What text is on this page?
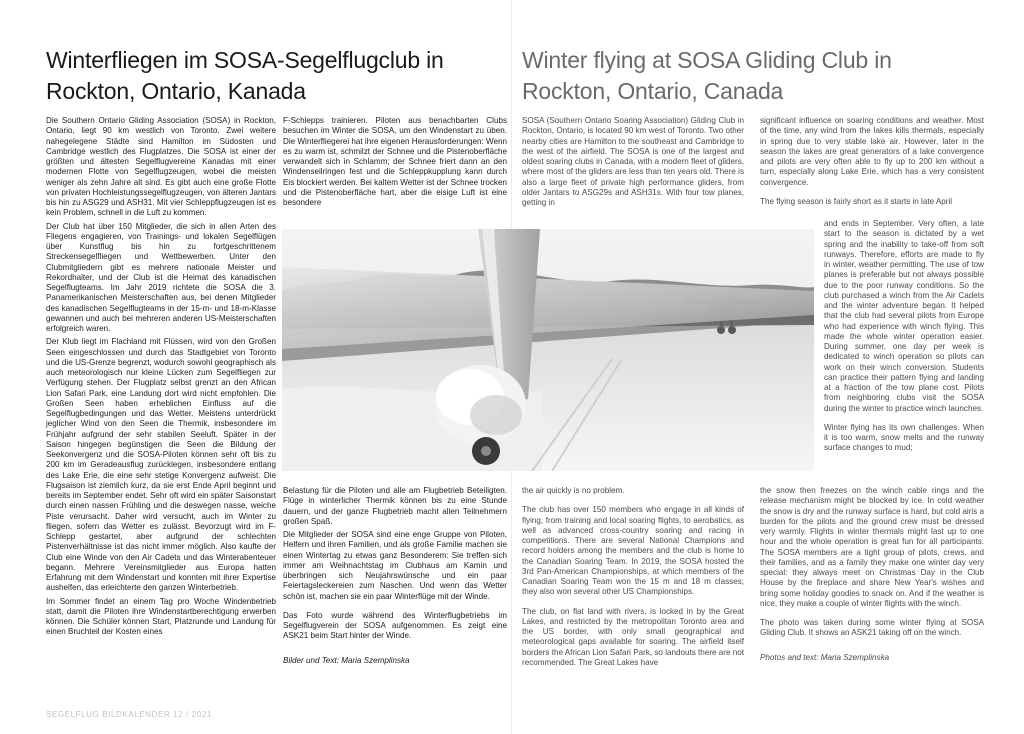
Winterfliegen im SOSA-Segelflugclub in Rockton, Ontario, Kanada
Winter flying at SOSA Gliding Club in Rockton, Ontario, Canada

Die Southern Ontario Gliding Association (SOSA) in Rockton, Ontario, liegt 90 km westlich von Toronto. Zwei weitere nahegelegene Städte sind Hamilton im Südosten und Cambridge westlich des Flugplatzes. Die SOSA ist einer der größten und ältesten Segelflugvereine Kanadas mit einer modernen Flotte von Segelflugzeugen, wobei die meisten weniger als zehn Jahre alt sind. Es gibt auch eine große Flotte von privaten Hochleistungssegelflugzeugen, von älteren Jantars bis hin zu ASG29 und ASH31. Mit vier Schleppflugzeugen ist es kein Problem, schnell in die Luft zu kommen.

Der Club hat über 150 Mitglieder, die sich in allen Arten des Fliegens engagieren, von Trainings- und lokalen Segelflügen über Kunstflug bis hin zu fortgeschrittenem Streckensegelfliegen und Wettbewerben. Unter den Clubmitgliedern gibt es mehrere nationale Meister und Rekordhalter, und der Club ist die Heimat des kanadischen Segelflugteams. Im Jahr 2019 richtete die SOSA die 3. Panamerikanischen Meisterschaften aus, bei denen Mitglieder des kanadischen Segelflugteams in der 15-m- und 18-m-Klasse gewannen und auch bei mehreren anderen US-Meisterschaften erfolgreich waren.

Der Klub liegt im Flachland mit Flüssen, wird von den Großen Seen eingeschlossen und durch das Stadtgebiet von Toronto und die US-Grenze begrenzt, wodurch sowohl geographisch als auch meteorologisch nur kleine Lücken zum Segelfliegen zur Verfügung stehen. Der Flugplatz selbst grenzt an den African Lion Safari Park, eine Landung dort wird nicht empfohlen. Die Großen Seen haben erheblichen Einfluss auf die Segelflugbedingungen und das Wetter. Meistens unterdrückt jeglicher Wind von den Seen die Thermik, insbesondere im Frühjahr aufgrund der sehr stabilen Seeluft. Später in der Saison hingegen begünstigen die Seen die Bildung der Seekonvergenz und die SOSA-Piloten können sehr oft bis zu 200 km im Geradeausflug zurücklegen, insbesondere entlang des Lake Erie, die eine sehr stetige Konvergenz aufweist. Die Flugsaison ist ziemlich kurz, da sie erst Ende April beginnt und bereits im September endet. Sehr oft wird ein später Saisonstart durch einen nassen Frühling und die deswegen nasse, weiche Piste verursacht. Daher wird versucht, auch im Winter zu fliegen, sofern das Wetter es zulässt. Bevorzugt wird im F-Schlepp gestartet, aber aufgrund der schlechten Pistenverhältnisse ist das nicht immer möglich. Also kaufte der Club eine Winde von den Air Cadets und das Winterabenteuer begann. Mehrere Vereinsmitglieder aus Europa hatten Erfahrung mit dem Windenstart und konnten mit ihrer Expertise aushelfen, das erleichterte den ganzen Winterbetrieb.

Im Sommer findet an einem Tag pro Woche Windenbetrieb statt, damit die Piloten ihre Windenstartberechtigung erwerben können. Die Schüler können Start, Platzrunde und Landung für einen Bruchteil der Kosten eines

F-Schlepps trainieren. Piloten aus benachbarten Clubs besuchen im Winter die SOSA, um den Windenstart zu üben. Die Winterfliegerei hat ihre eigenen Herausforderungen: Wenn es zu warm ist, schmilzt der Schnee und die Pistenoberfläche verwandelt sich in Schlamm; der Schnee friert dann an den Windenseilringen fest und die Schleppkupplung kann durch Eis blockiert werden. Bei kaltem Wetter ist der Schnee trocken und die Pistenoberfläche hart, aber die eisige Luft ist eine besondere

Belastung für die Piloten und alle am Flugbetrieb Beteiligten. Flüge in winterlicher Thermik können bis zu eine Stunde dauern, und der ganze Flugbetrieb macht allen Teilnehmern großen Spaß.

Die Mitglieder der SOSA sind eine enge Gruppe von Piloten, Helfern und ihren Familien, und als große Familie machen sie einen Wintertag zu etwas ganz Besonderem: Sie treffen sich immer am Weihnachtstag im Clubhaus am Kamin und überbringen sich Neujahrswünsche und ein paar Feiertagsleckereien zum Naschen. Und wenn das Wetter schön ist, machen sie ein paar Winterflüge mit der Winde.

Das Foto wurde während des Winterflugbetriebs im Segelflugverein der SOSA aufgenommen. Es zeigt eine ASK21 beim Start hinter der Winde.

Bilder und Text: Maria Szemplinska

SOSA (Southern Ontario Soaring Association) Gliding Club in Rockton, Ontario, is located 90 km west of Toronto. Two other nearby cities are Hamilton to the southeast and Cambridge to the west of the airfield. The SOSA is one of the largest and oldest soaring clubs in Canada, with a modern fleet of gliders, where most of the gliders are less than ten years old. There is also a large fleet of private high performance gliders, from older Jantars to ASG29s and ASH31s. With four tow planes, getting in

the air quickly is no problem.

The club has over 150 members who engage in all kinds of flying, from training and local soaring flights, to aerobatics, as well as advanced cross-country soaring and racing in competitions. There are several National Champions and record holders among the members and the club is home to the Canadian Soaring Team. In 2019, the SOSA hosted the 3rd Pan-American Championships, at which members of the Canadian Soaring Team won the 15 m and 18 m classes; they also won several other US Championships.

The club, on flat land with rivers, is locked in by the Great Lakes, and restricted by the metropolitan Toronto area and the US border, with only small geographical and meteorological gaps available for soaring. The airfield itself borders the African Lion Safari Park, so landouts there are not recommended. The Great Lakes have

significant influence on soaring conditions and weather. Most of the time, any wind from the lakes kills thermals, especially in spring due to very stable lake air. However, later in the season the lakes are great generators of a lake convergence and pilots are very often able to fly up to 200 km without a turn, especially along Lake Erie, which has a very consistent convergence.

The flying season is fairly short as it starts in late April

and ends in September. Very often, a late start to the season is dictated by a wet spring and the inability to take-off from soft runways. Therefore, efforts are made to fly in winter, weather permitting. The use of tow planes is preferable but not always possible due to the poor runway conditions. So the club purchased a winch from the Air Cadets and the winter adventure began. It helped that the club had several pilots from Europe who had experience with winch flying. This made the whole winter operation easier. During summer, one day per week is dedicated to winch operation so pilots can work on their winch conversion. Students can practice their pattern flying and landing at a fraction of the tow plane cost. Pilots from neighboring clubs visit the SOSA during the winter to practice winch launches.

Winter flying has its own challenges. When it is too warm, snow melts and the runway surface changes to mud;

the snow then freezes on the winch cable rings and the release mechanism might be blocked by ice. In cold weather the snow is dry and the runway surface is hard, but cold airis a burden for the pilots and the ground crew must be dressed very warmly. Flights in winter thermals might last up to one hour and the whole operation is great fun for all participants. The SOSA members are a tight group of pilots, crews, and their families, and as a family they make one winter day very special: they always meet on Christmas Day in the Club House by the fireplace and share New Year's wishes and bring some holiday goodies to snack on. And if the weather is nice, they make a couple of winter flights with the winch.

The photo was taken during some winter flying at SOSA Gliding Club. It shows an ASK21 taking off on the winch.

Photos and text: Maria Szemplinska

SEGELFLUG BILDKALENDER 12 / 2021
